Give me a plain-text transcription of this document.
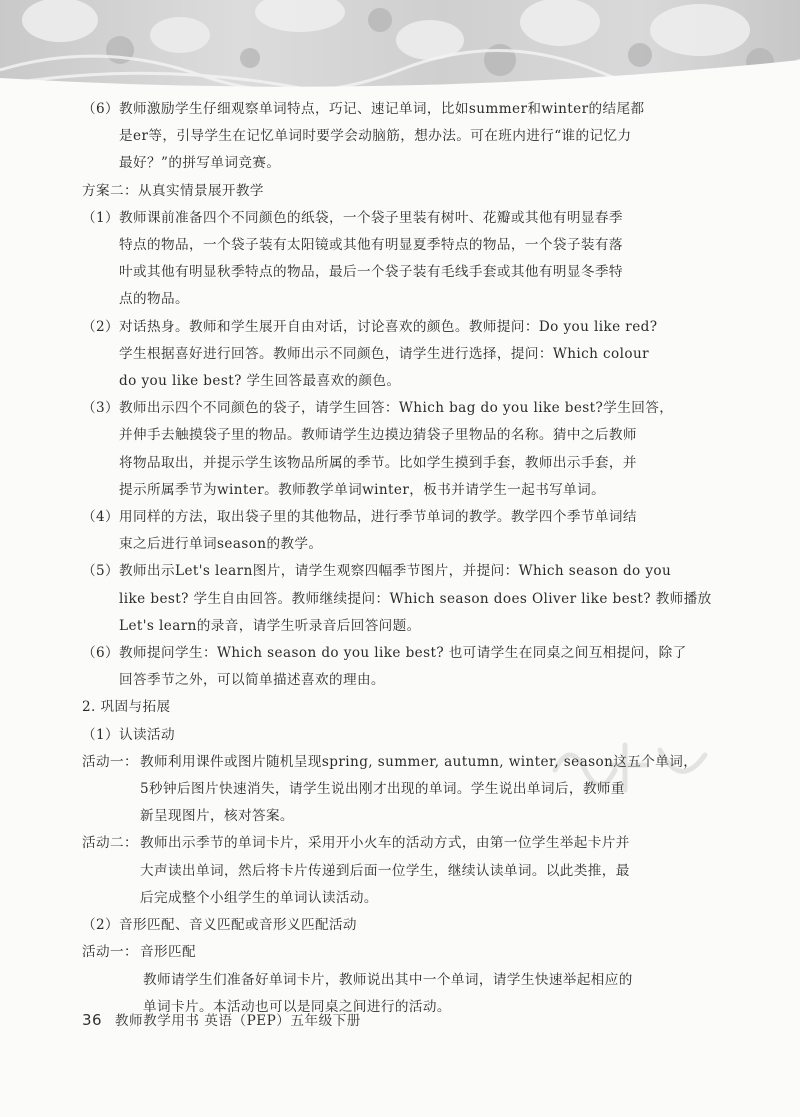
（6） 教师激励学生仔细观察单词特点，巧记、速记单词，比如summer和winter的结尾都
是er等，引导学生在记忆单词时要学会动脑筋，想办法。可在班内进行“谁的记忆力
最好？”的拼写单词竞赛。
方案二：从真实情景展开教学
（1） 教师课前准备四个不同颜色的纸袋，一个袋子里装有树叶、花瓣或其他有明显春季
特点的物品，一个袋子装有太阳镜或其他有明显夏季特点的物品，一个袋子装有落
叶或其他有明显秋季特点的物品，最后一个袋子装有毛线手套或其他有明显冬季特
点的物品。
（2） 对话热身。教师和学生展开自由对话，讨论喜欢的颜色。教师提问：Do you like red?
学生根据喜好进行回答。教师出示不同颜色，请学生进行选择，提问：Which colour
do you like best? 学生回答最喜欢的颜色。
（3） 教师出示四个不同颜色的袋子，请学生回答：Which bag do you like best?学生回答，
并伸手去触摸袋子里的物品。教师请学生边摸边猜袋子里物品的名称。猜中之后教师
将物品取出，并提示学生该物品所属的季节。比如学生摸到手套，教师出示手套，并
提示所属季节为winter。教师教学单词winter，板书并请学生一起书写单词。
（4） 用同样的方法，取出袋子里的其他物品，进行季节单词的教学。教学四个季节单词结
束之后进行单词season的教学。
（5） 教师出示Let's learn图片，请学生观察四幅季节图片，并提问：Which season do you
like best? 学生自由回答。教师继续提问：Which season does Oliver like best? 教师播放
Let's learn的录音，请学生听录音后回答问题。
（6） 教师提问学生：Which season do you like best? 也可请学生在同桌之间互相提问，除了
回答季节之外，可以简单描述喜欢的理由。
2. 巩固与拓展
（1）认读活动
活动一： 教师利用课件或图片随机呈现spring, summer, autumn, winter, season这五个单词，
5秒钟后图片快速消失，请学生说出刚才出现的单词。学生说出单词后，教师重
新呈现图片，核对答案。
活动二： 教师出示季节的单词卡片，采用开小火车的活动方式，由第一位学生举起卡片并
大声读出单词，然后将卡片传递到后面一位学生，继续认读单词。以此类推，最
后完成整个小组学生的单词认读活动。
（2）音形匹配、音义匹配或音形义匹配活动
活动一： 音形匹配
教师请学生们准备好单词卡片，教师说出其中一个单词，请学生快速举起相应的
单词卡片。本活动也可以是同桌之间进行的活动。
36 教师教学用书 英语（PEP）五年级下册
